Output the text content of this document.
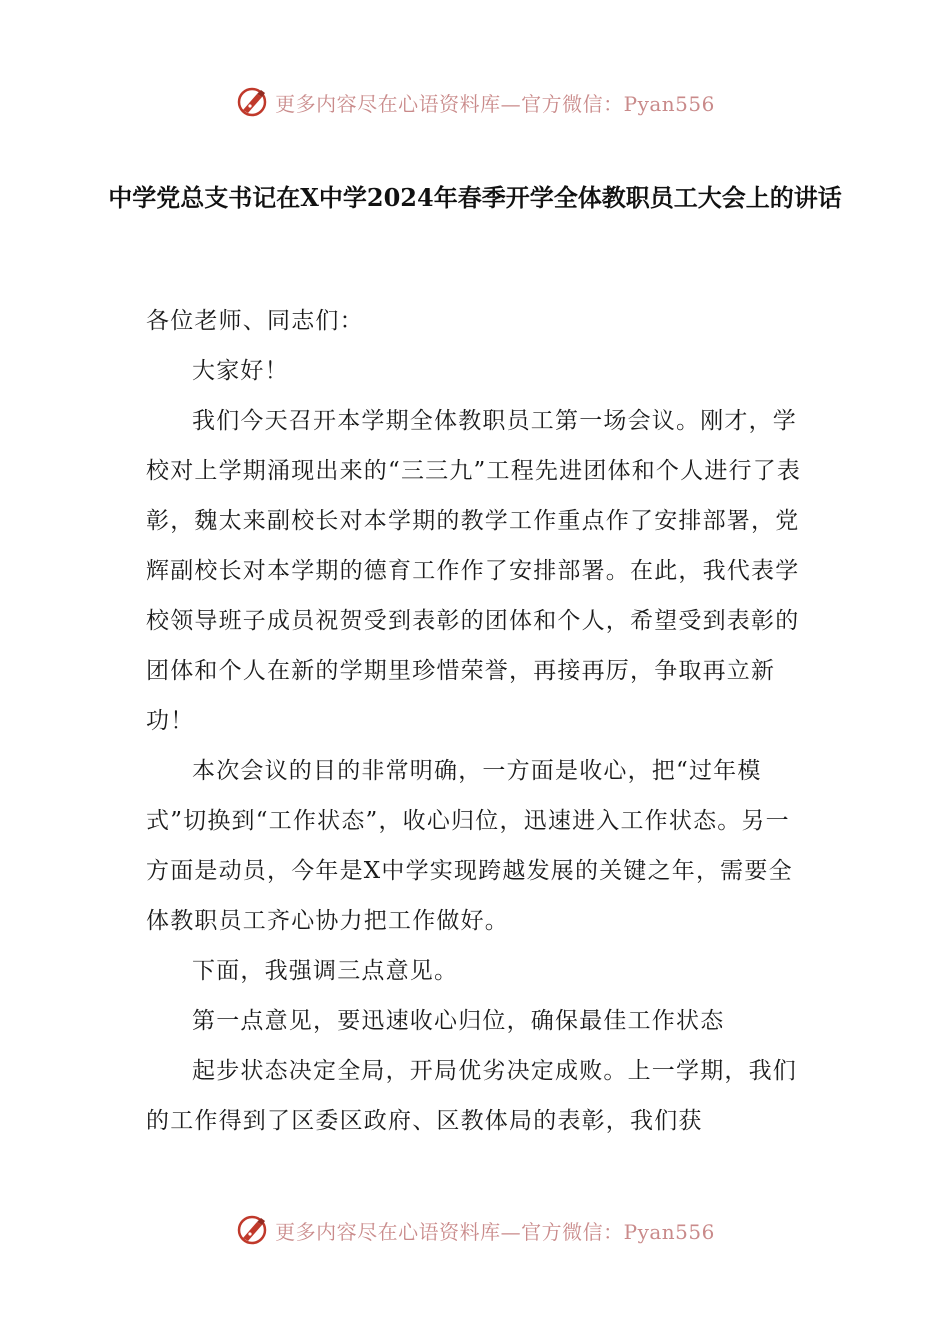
更多内容尽在心语资料库—官方微信：Pyan556
中学党总支书记在X中学2024年春季开学全体教职员工大会上的讲话

各位老师、同志们：

大家好！

我们今天召开本学期全体教职员工第一场会议。刚才，学校对上学期涌现出来的“三三九”工程先进团体和个人进行了表彰，魏太来副校长对本学期的教学工作重点作了安排部署，党辉副校长对本学期的德育工作作了安排部署。在此，我代表学校领导班子成员祝贺受到表彰的团体和个人，希望受到表彰的团体和个人在新的学期里珍惜荣誉，再接再厉，争取再立新功！

本次会议的目的非常明确，一方面是收心，把“过年模式”切换到“工作状态”，收心归位，迅速进入工作状态。另一方面是动员，今年是X中学实现跨越发展的关键之年，需要全体教职员工齐心协力把工作做好。

下面，我强调三点意见。

第一点意见，要迅速收心归位，确保最佳工作状态

起步状态决定全局，开局优劣决定成败。上一学期，我们的工作得到了区委区政府、区教体局的表彰，我们获

更多内容尽在心语资料库—官方微信：Pyan556
